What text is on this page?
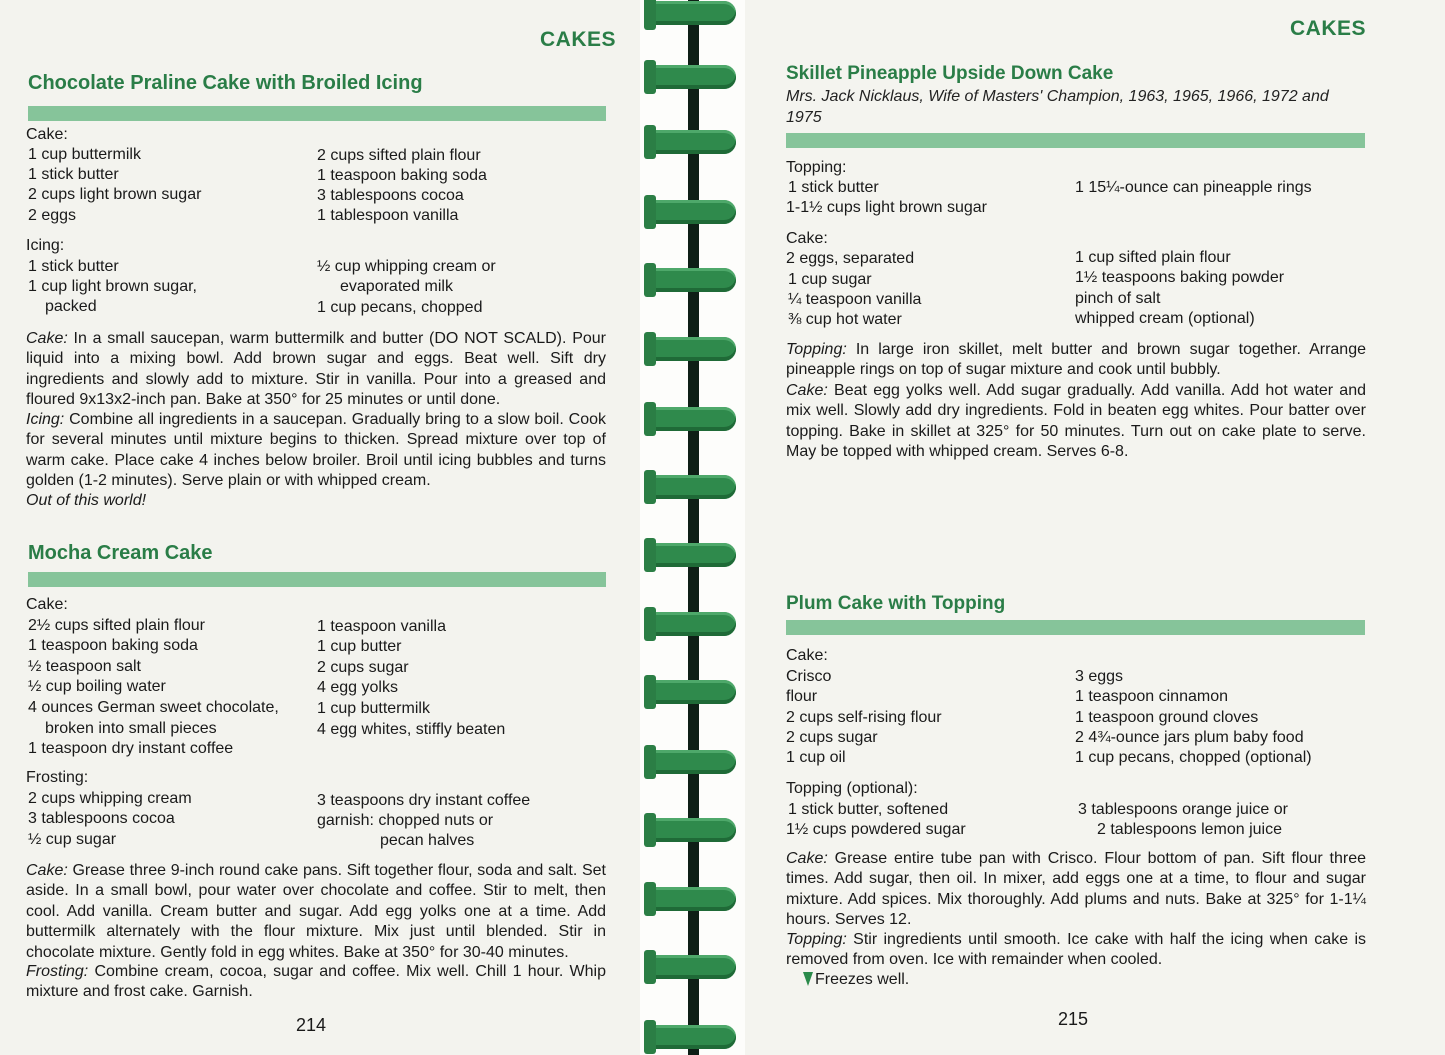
CAKES
Chocolate Praline Cake with Broiled Icing
Cake:
1 cup buttermilk
1 stick butter
2 cups light brown sugar
2 eggs
2 cups sifted plain flour
1 teaspoon baking soda
3 tablespoons cocoa
1 tablespoon vanilla
Icing:
1 stick butter
1 cup light brown sugar,
packed
½ cup whipping cream or
evaporated milk
1 cup pecans, chopped
Cake: In a small saucepan, warm buttermilk and butter (DO NOT SCALD). Pour liquid into a mixing bowl. Add brown sugar and eggs. Beat well. Sift dry ingredients and slowly add to mixture. Stir in vanilla. Pour into a greased and floured 9x13x2-inch pan. Bake at 350° for 25 minutes or until done.
Icing: Combine all ingredients in a saucepan. Gradually bring to a slow boil. Cook for several minutes until mixture begins to thicken. Spread mixture over top of warm cake. Place cake 4 inches below broiler. Broil until icing bubbles and turns golden (1-2 minutes). Serve plain or with whipped cream.
Out of this world!
Mocha Cream Cake
Cake:
2½ cups sifted plain flour
1 teaspoon baking soda
½ teaspoon salt
½ cup boiling water
4 ounces German sweet chocolate,
broken into small pieces
1 teaspoon dry instant coffee
1 teaspoon vanilla
1 cup butter
2 cups sugar
4 egg yolks
1 cup buttermilk
4 egg whites, stiffly beaten
Frosting:
2 cups whipping cream
3 tablespoons cocoa
½ cup sugar
3 teaspoons dry instant coffee
garnish: chopped nuts or
pecan halves
Cake: Grease three 9-inch round cake pans. Sift together flour, soda and salt. Set aside. In a small bowl, pour water over chocolate and coffee. Stir to melt, then cool. Add vanilla. Cream butter and sugar. Add egg yolks one at a time. Add buttermilk alternately with the flour mixture. Mix just until blended. Stir in chocolate mixture. Gently fold in egg whites. Bake at 350° for 30-40 minutes.
Frosting: Combine cream, cocoa, sugar and coffee. Mix well. Chill 1 hour. Whip mixture and frost cake. Garnish.
214
CAKES
Skillet Pineapple Upside Down Cake
Mrs. Jack Nicklaus, Wife of Masters' Champion, 1963, 1965, 1966, 1972 and 1975
Topping:
1 stick butter
1-1½ cups light brown sugar
1 15¼-ounce can pineapple rings
Cake:
2 eggs, separated
1 cup sugar
¼ teaspoon vanilla
⅜ cup hot water
1 cup sifted plain flour
1½ teaspoons baking powder
pinch of salt
whipped cream (optional)
Topping: In large iron skillet, melt butter and brown sugar together. Arrange pineapple rings on top of sugar mixture and cook until bubbly.
Cake: Beat egg yolks well. Add sugar gradually. Add vanilla. Add hot water and mix well. Slowly add dry ingredients. Fold in beaten egg whites. Pour batter over topping. Bake in skillet at 325° for 50 minutes. Turn out on cake plate to serve. May be topped with whipped cream. Serves 6-8.
Plum Cake with Topping
Cake:
Crisco
flour
2 cups self-rising flour
2 cups sugar
1 cup oil
3 eggs
1 teaspoon cinnamon
1 teaspoon ground cloves
2 4¾-ounce jars plum baby food
1 cup pecans, chopped (optional)
Topping (optional):
1 stick butter, softened
1½ cups powdered sugar
3 tablespoons orange juice or
2 tablespoons lemon juice
Cake: Grease entire tube pan with Crisco. Flour bottom of pan. Sift flour three times. Add sugar, then oil. In mixer, add eggs one at a time, to flour and sugar mixture. Add spices. Mix thoroughly. Add plums and nuts. Bake at 325° for 1-1¼ hours. Serves 12.
Topping: Stir ingredients until smooth. Ice cake with half the icing when cake is removed from oven. Ice with remainder when cooled.
Freezes well.
215
